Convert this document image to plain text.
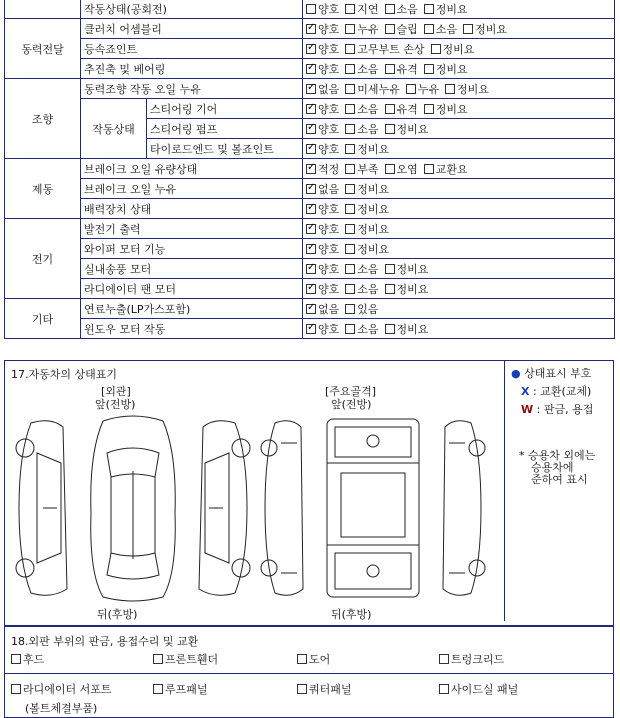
	작동상태(공회전)		양호 지연 소음 정비요
동력전달	클러치 어셈블리	✓양호 누유 슬립 소음 정비요
	등속죠인트	✓양호 고무부트 손상 정비요
	추진축 및 베어링	✓양호 소음 유격 정비요
조향	동력조향 작동 오일 누유	✓없음 미세누유 누유 정비요
	작동상태	스티어링 기어	✓양호 소음 유격 정비요
		스티어링 펌프	✓양호 소음 정비요
		타이로드엔드 및 볼죠인트	✓양호 정비요
제동	브레이크 오일 유량상태	✓적정 부족 오염 교환요
	브레이크 오일 누유	✓없음 정비요
	배력장치 상태	✓양호 정비요
전기	발전기 출력	✓양호 정비요
	와이퍼 모터 기능	✓양호 정비요
	실내송풍 모터	✓양호 소음 정비요
	라디에이터 팬 모터	✓양호 소음 정비요
기타	연료누출(LP가스포함)	✓없음 있음
	윈도우 모터 작동	✓양호 소음 정비요
17.자동차의 상태표기
[외관]
앞(전방)
뒤(후방)
[주요골격]
앞(전방)
뒤(후방)
● 상태표시 부호
X : 교환(교체)
W : 판금, 용접
* 승용차 외에는
승용차에
준하여 표시
18.외판 부위의 판금, 용접수리 및 교환
후드	프론트휀더	도어	트렁크리드
라디에이터 서포트	루프패널	쿼터패널	사이드실 패널
(볼트체결부품)
